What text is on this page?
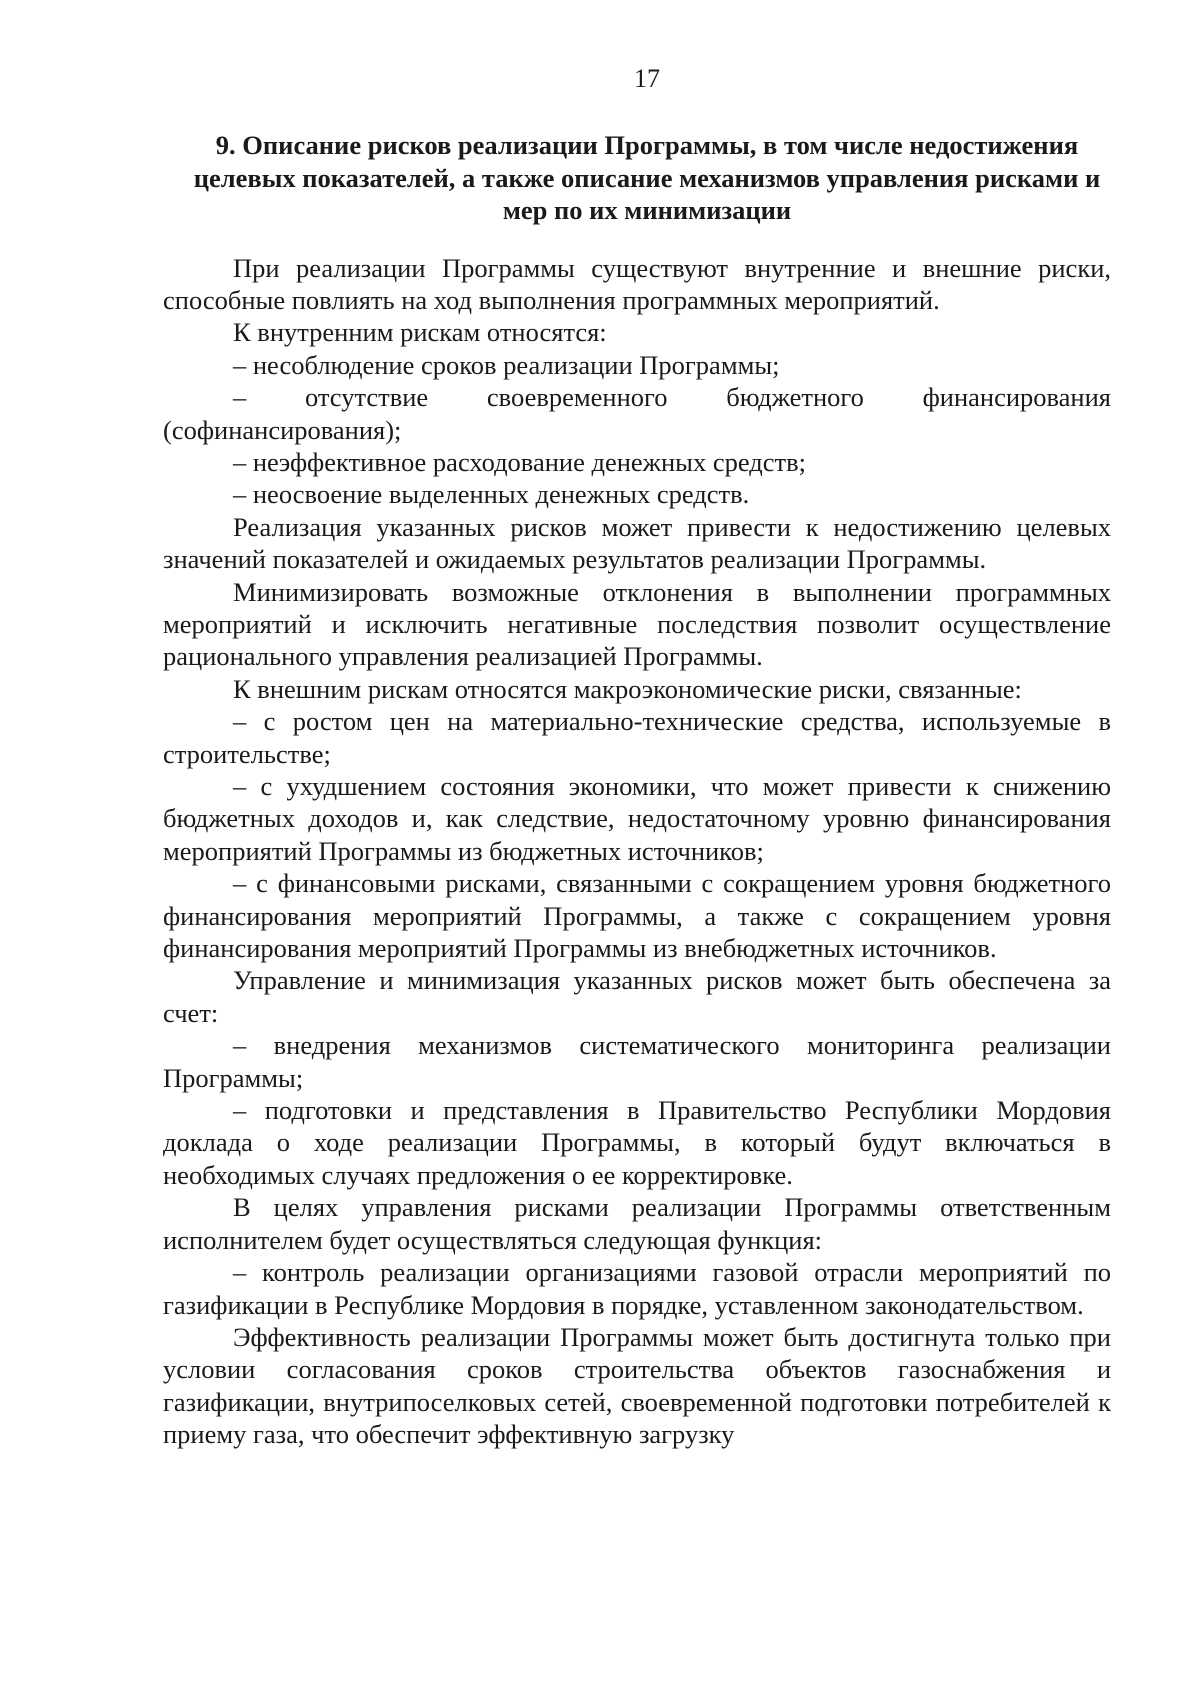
17
9. Описание рисков реализации Программы, в том числе недостижения целевых показателей, а также описание механизмов управления рисками и мер по их минимизации

При реализации Программы существуют внутренние и внешние риски, способные повлиять на ход выполнения программных мероприятий.

К внутренним рискам относятся:

– несоблюдение сроков реализации Программы;

– отсутствие своевременного бюджетного финансирования (софинансирования);

– неэффективное расходование денежных средств;

– неосвоение выделенных денежных средств.

Реализация указанных рисков может привести к недостижению целевых значений показателей и ожидаемых результатов реализации Программы.

Минимизировать возможные отклонения в выполнении программных мероприятий и исключить негативные последствия позволит осуществление рационального управления реализацией Программы.

К внешним рискам относятся макроэкономические риски, связанные:

– с ростом цен на материально-технические средства, используемые в строительстве;

– с ухудшением состояния экономики, что может привести к снижению бюджетных доходов и, как следствие, недостаточному уровню финансирования мероприятий Программы из бюджетных источников;

– с финансовыми рисками, связанными с сокращением уровня бюджетного финансирования мероприятий Программы, а также с сокращением уровня финансирования мероприятий Программы из внебюджетных источников.

Управление и минимизация указанных рисков может быть обеспечена за счет:

– внедрения механизмов систематического мониторинга реализации Программы;

– подготовки и представления в Правительство Республики Мордовия доклада о ходе реализации Программы, в который будут включаться в необходимых случаях предложения о ее корректировке.

В целях управления рисками реализации Программы ответственным исполнителем будет осуществляться следующая функция:

– контроль реализации организациями газовой отрасли мероприятий по газификации в Республике Мордовия в порядке, уставленном законодательством.

Эффективность реализации Программы может быть достигнута только при условии согласования сроков строительства объектов газоснабжения и газификации, внутрипоселковых сетей, своевременной подготовки потребителей к приему газа, что обеспечит эффективную загрузку
